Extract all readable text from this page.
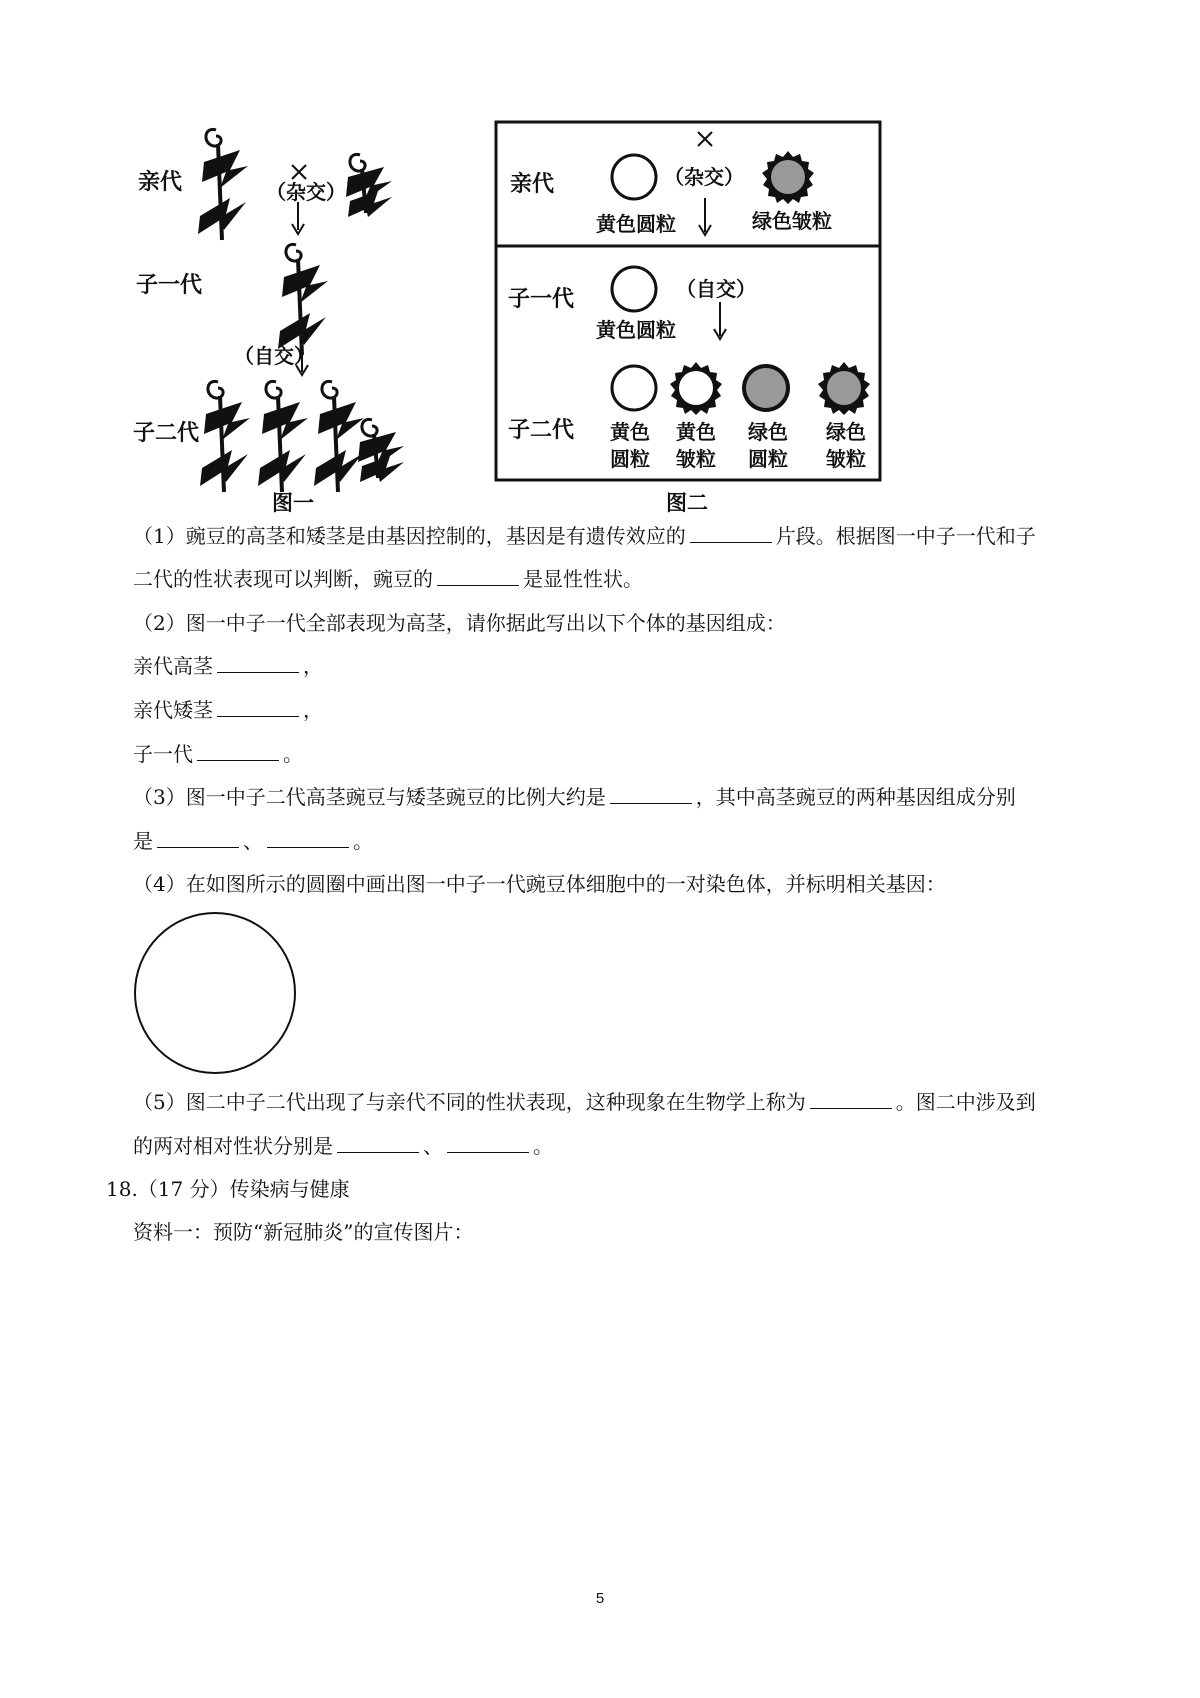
亲代
子一代
子二代
（杂交）
（自交）
图一
亲代
子一代
子二代
（杂交）
黄色圆粒	绿色皱粒
（自交）
黄色圆粒
黄色
圆粒
黄色
皱粒
绿色
圆粒
绿色
皱粒
图二
（1）豌豆的高茎和矮茎是由基因控制的，基因是有遗传效应的	片段。根据图一中子一代和子
二代的性状表现可以判断，豌豆的	是显性性状。
（2）图一中子一代全部表现为高茎，请你据此写出以下个体的基因组成：
亲代高茎	，
亲代矮茎	，
子一代	。
（3）图一中子二代高茎豌豆与矮茎豌豆的比例大约是	，其中高茎豌豆的两种基因组成分别
是	、	。
（4）在如图所示的圆圈中画出图一中子一代豌豆体细胞中的一对染色体，并标明相关基因：
（5）图二中子二代出现了与亲代不同的性状表现，这种现象在生物学上称为	。图二中涉及到
的两对相对性状分别是	、	。
18.（17 分）传染病与健康
资料一：预防“新冠肺炎”的宣传图片：
5
